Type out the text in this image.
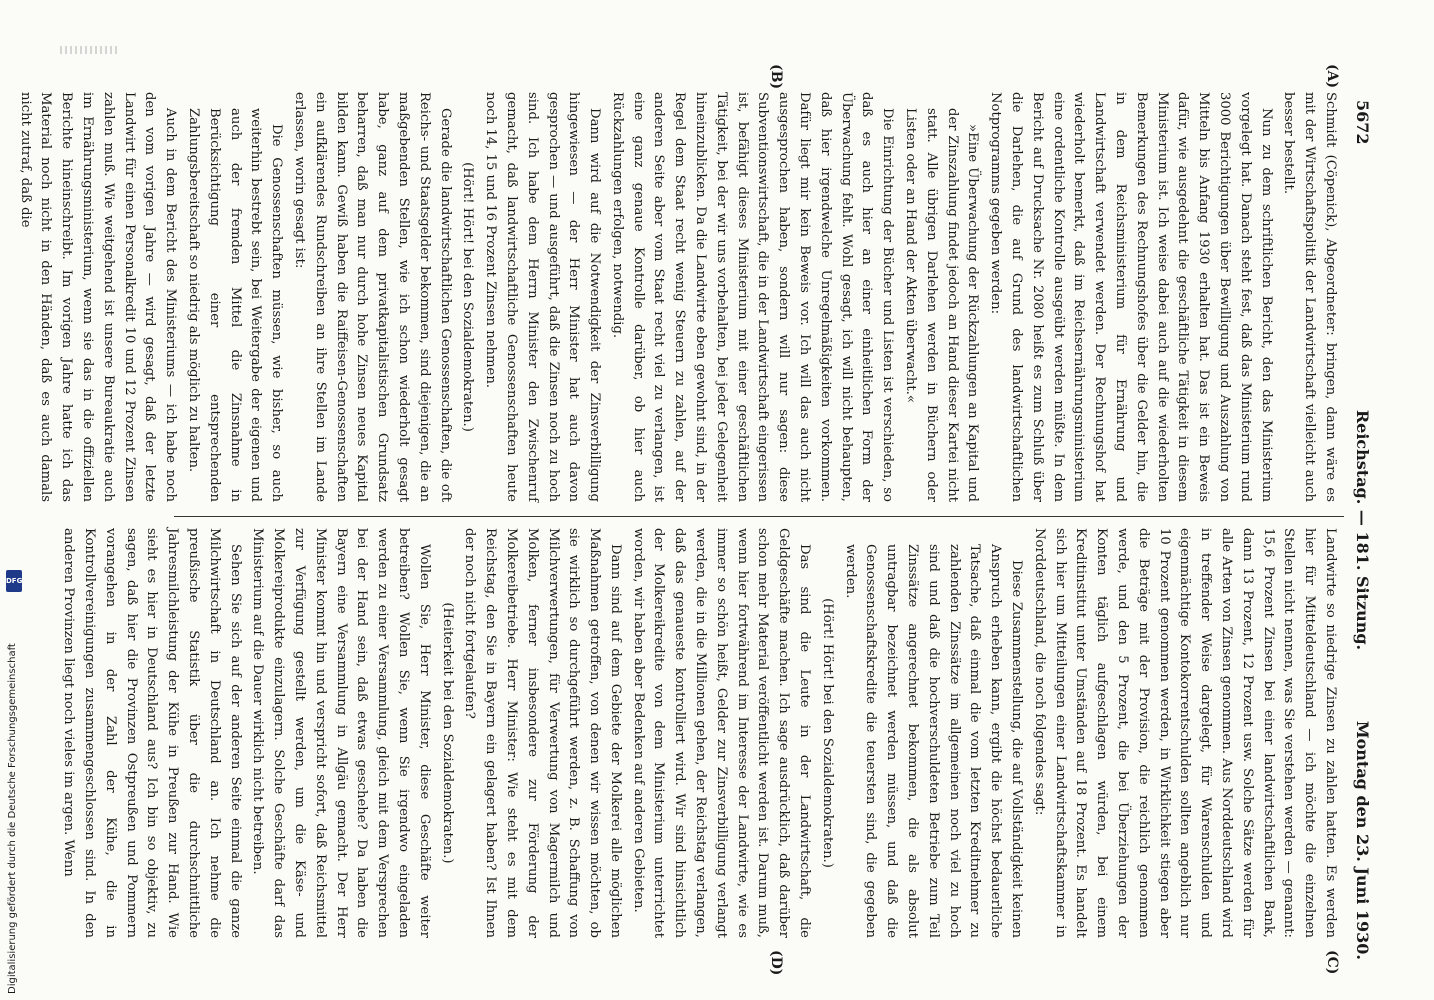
5672
Reichstag. — 181. Sitzung.
Montag den 23. Juni 1930.
(A)
(B)
(C)
(D)

Schmidt (Cöpenick), Abgeordneter: bringen, dann wäre es mit der Wirtschaftspolitik der Landwirtschaft vielleicht auch besser bestellt.

Nun zu dem schriftlichen Bericht, den das Ministerium vorgelegt hat. Danach steht fest, daß das Ministerium rund 3000 Berichtigungen über Bewilligung und Auszahlung von Mitteln bis Anfang 1930 erhalten hat. Das ist ein Beweis dafür, wie ausgedehnt die geschäftliche Tätigkeit in diesem Ministerium ist. Ich weise dabei auch auf die wiederholten Bemerkungen des Rechnungshofes über die Gelder hin, die in dem Reichsministerium für Ernährung und Landwirtschaft verwendet werden. Der Rechnungshof hat wiederholt bemerkt, daß im Reichsernährungsministerium eine ordentliche Kontrolle ausgeübt werden müßte. In dem Bericht auf Drucksache Nr. 2080 heißt es zum Schluß über die Darlehen, die auf Grund des landwirtschaftlichen Notprogramms gegeben werden:

»Eine Überwachung der Rückzahlungen an Kapital und der Zinszahlung findet jedoch an Hand dieser Kartei nicht statt. Alle übrigen Darlehen werden in Büchern oder Listen oder an Hand der Akten überwacht.«

Die Einrichtung der Bücher und Listen ist verschieden, so daß es auch hier an einer einheitlichen Form der Überwachung fehlt. Wohl gesagt, ich will nicht behaupten, daß hier irgendwelche Unregelmäßigkeiten vorkommen. Dafür liegt mir kein Beweis vor. Ich will das auch nicht ausgesprochen haben, sondern will nur sagen: diese Subventionswirtschaft, die in der Landwirtschaft eingerissen ist, befähigt dieses Ministerium mit einer geschäftlichen Tätigkeit, bei der wir uns vorbehalten, bei jeder Gelegenheit hineinzublicken. Da die Landwirte eben gewohnt sind, in der Regel dem Staat recht wenig Steuern zu zahlen, auf der anderen Seite aber vom Staat recht viel zu verlangen, ist eine ganz genaue Kontrolle darüber, ob hier auch Rückzahlungen erfolgen, notwendig.

Dann wird auf die Notwendigkeit der Zinsverbilligung hingewiesen — der Herr Minister hat auch davon gesprochen — und ausgeführt, daß die Zinsen noch zu hoch sind. Ich habe dem Herrn Minister den Zwischenruf gemacht, daß landwirtschaftliche Genossenschaften heute noch 14, 15 und 16 Prozent Zinsen nehmen.

(Hört! Hört! bei den Sozialdemokraten.)

Gerade die landwirtschaftlichen Genossenschaften, die oft Reichs- und Staatsgelder bekommen, sind diejenigen, die an maßgebenden Stellen, wie ich schon wiederholt gesagt habe, ganz auf dem privatkapitalistischen Grundsatz beharren, daß man nur durch hohe Zinsen neues Kapital bilden kann. Gewiß haben die Raiffeisen-Genossenschaften ein aufklärendes Rundschreiben an ihre Stellen im Lande erlassen, worin gesagt ist:

Die Genossenschaften müssen, wie bisher, so auch weiterhin bestrebt sein, bei Weitergabe der eigenen und auch der fremden Mittel die Zinsnahme in Berücksichtigung einer entsprechenden Zahlungsbereitschaft so niedrig als möglich zu halten.

Auch in dem Bericht des Ministeriums — ich habe noch den vom vorigen Jahre — wird gesagt, daß der letzte Landwirt für einen Personalkredit 10 und 12 Prozent Zinsen zahlen muß. Wie weitgehend ist unsere Bureaukratie auch im Ernährungsministerium, wenn sie das in die offiziellen Berichte hineinschreibt. Im vorigen Jahre hatte ich das Material noch nicht in den Händen, daß es auch damals nicht zutraf, daß die

Landwirte so niedrige Zinsen zu zahlen hatten. Es werden hier für Mitteldeutschland — ich möchte die einzelnen Stellen nicht nennen, was Sie verstehen werden — genannt: 15,6 Prozent Zinsen bei einer landwirtschaftlichen Bank, dann 13 Prozent, 12 Prozent usw. Solche Sätze werden für alle Arten von Zinsen genommen. Aus Norddeutschland wird in treffender Weise dargelegt, für Warenschulden und eigenmächtige Kontokorrentschulden sollten angeblich nur 10 Prozent genommen werden, in Wirklichkeit stiegen aber die Beträge mit der Provision, die reichlich genommen werde, und den 5 Prozent, die bei Überziehungen der Konten täglich aufgeschlagen würden, bei einem Kreditinstitut unter Umständen auf 18 Prozent. Es handelt sich hier um Mitteilungen einer Landwirtschaftskammer in Norddeutschland, die noch folgendes sagt:

Diese Zusammenstellung, die auf Vollständigkeit keinen Anspruch erheben kann, ergibt die höchst bedauerliche Tatsache, daß einmal die vom letzten Kreditnehmer zu zahlenden Zinssätze im allgemeinen noch viel zu hoch sind und daß die hochverschuldeten Betriebe zum Teil Zinssätze angerechnet bekommen, die als absolut untragbar bezeichnet werden müssen, und daß die Genossenschaftskredite die teuersten sind, die gegeben werden.

(Hört! Hört! bei den Sozialdemokraten.)

Das sind die Leute in der Landwirtschaft, die Geldgeschäfte machen. Ich sage ausdrücklich, daß darüber schon mehr Material veröffentlicht werden ist. Darum muß, wenn hier fortwährend im Interesse der Landwirte, wie es immer so schön heißt, Gelder zur Zinsverbilligung verlangt werden, die in die Millionen gehen, der Reichstag verlangen, daß das genaueste kontrolliert wird. Wir sind hinsichtlich der Molkereikredite von dem Ministerium unterrichtet worden, wir haben aber Bedenken auf anderen Gebieten.

Dann sind auf dem Gebiete der Molkerei alle möglichen Maßnahmen getroffen, von denen wir wissen möchten, ob sie wirklich so durchgeführt werden, z. B. Schaffung von Milchverwertungen, für Verwertung von Magermilch und Molken, ferner insbesondere zur Förderung der Molkereibetriebe. Herr Minister: Wie steht es mit dem Reichstag, den Sie in Bayern ein gelagert haben? Ist Ihnen der noch nicht fortgelaufen?

(Heiterkeit bei den Sozialdemokraten.)

Wollen Sie, Herr Minister, diese Geschäfte weiter betreiben? Wollen Sie, wenn Sie irgendwo eingeladen werden zu einer Versammlung, gleich mit dem Versprechen bei der Hand sein, daß etwas geschehe? Da haben die Bayern eine Versammlung in Allgäu gemacht. Der Herr Minister kommt hin und verspricht sofort, daß Reichsmittel zur Verfügung gestellt werden, um die Käse- und Molkereiprodukte einzulagern. Solche Geschäfte darf das Ministerium auf die Dauer wirklich nicht betreiben.

Sehen Sie sich auf der anderen Seite einmal die ganze Milchwirtschaft in Deutschland an. Ich nehme die preußische Statistik über die durchschnittliche Jahresmilchleistung der Kühe in Preußen zur Hand. Wie sieht es hier in Deutschland aus? Ich bin so objektiv, zu sagen, daß hier die Provinzen Ostpreußen und Pommern vorangehen in der Zahl der Kühe, die in Kontrollvereinigungen zusammengeschlossen sind. In den anderen Provinzen liegt noch vieles im argen. Wenn

DFG
Digitalisierung gefördert durch die Deutsche Forschungsgemeinschaft
